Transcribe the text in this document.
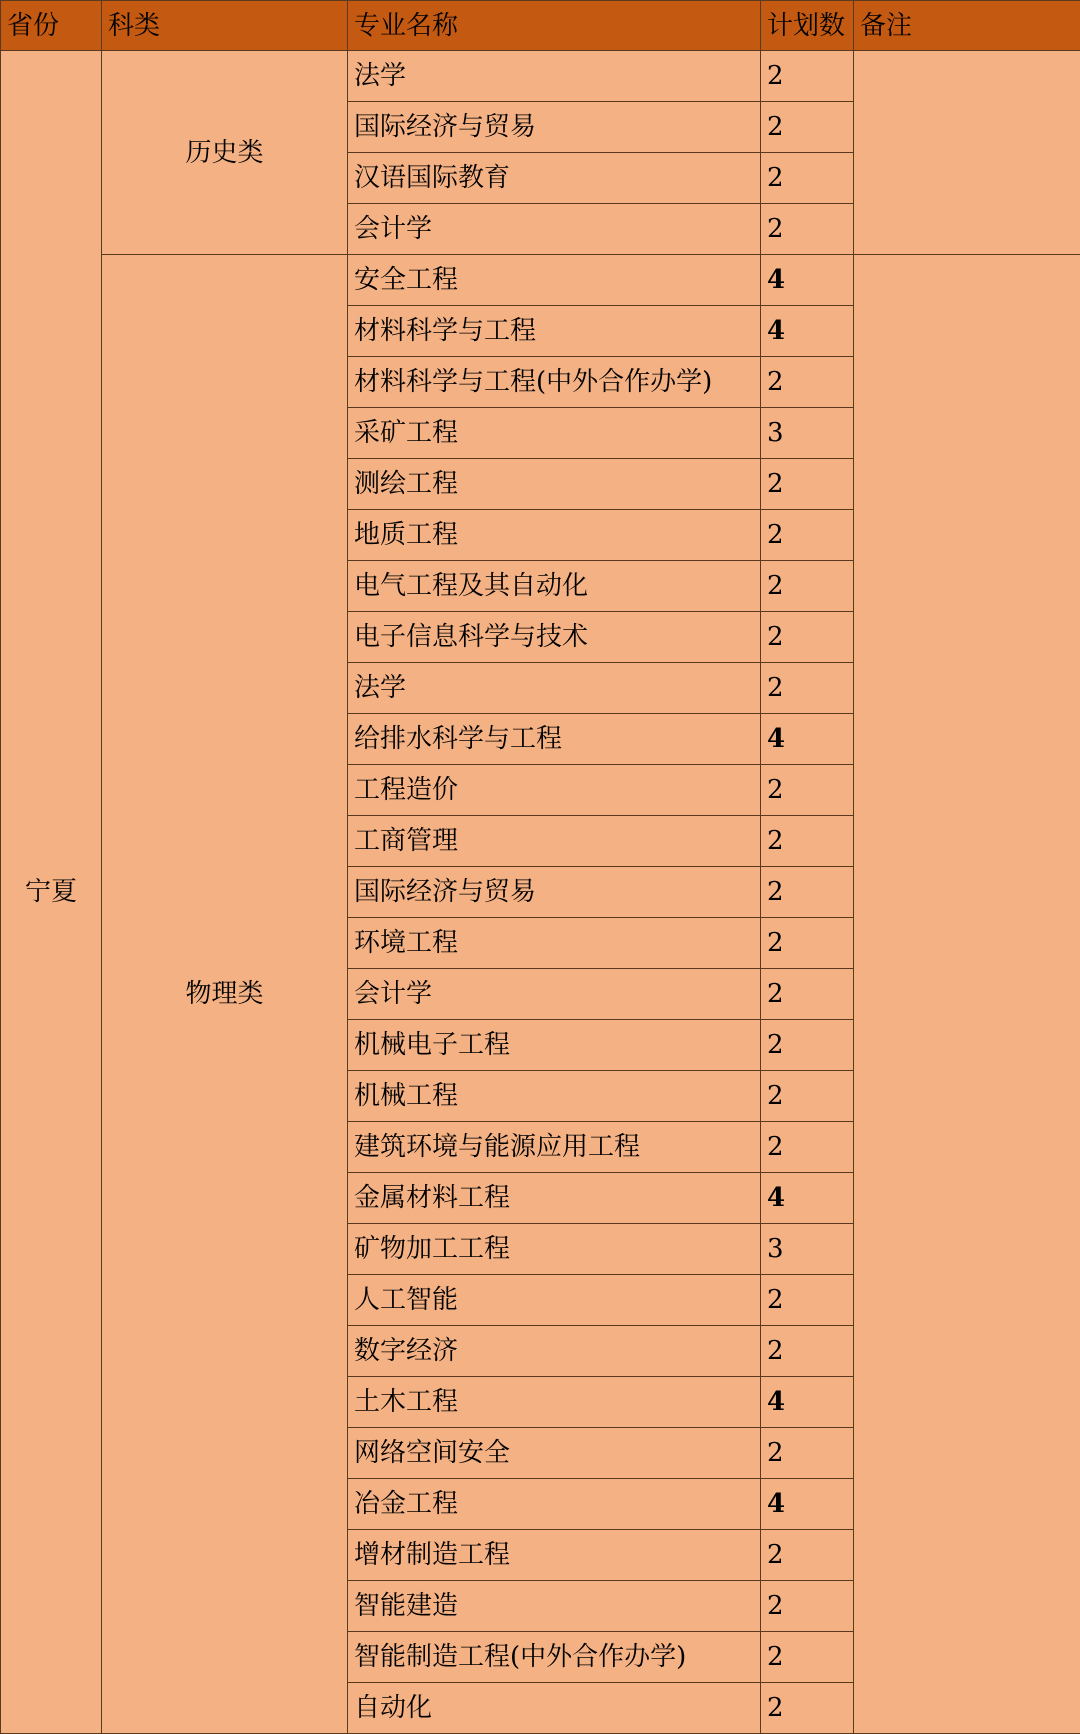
省份	科类	专业名称	计划数	备注
宁夏	历史类	法学	2	
		国际经济与贸易	2	
		汉语国际教育	2	
		会计学	2	
	物理类	安全工程	4	
		材料科学与工程	4	
		材料科学与工程(中外合作办学)	2	
		采矿工程	3	
		测绘工程	2	
		地质工程	2	
		电气工程及其自动化	2	
		电子信息科学与技术	2	
		法学	2	
		给排水科学与工程	4	
		工程造价	2	
		工商管理	2	
		国际经济与贸易	2	
		环境工程	2	
		会计学	2	
		机械电子工程	2	
		机械工程	2	
		建筑环境与能源应用工程	2	
		金属材料工程	4	
		矿物加工工程	3	
		人工智能	2	
		数字经济	2	
		土木工程	4	
		网络空间安全	2	
		冶金工程	4	
		增材制造工程	2	
		智能建造	2	
		智能制造工程(中外合作办学)	2	
		自动化	2	
